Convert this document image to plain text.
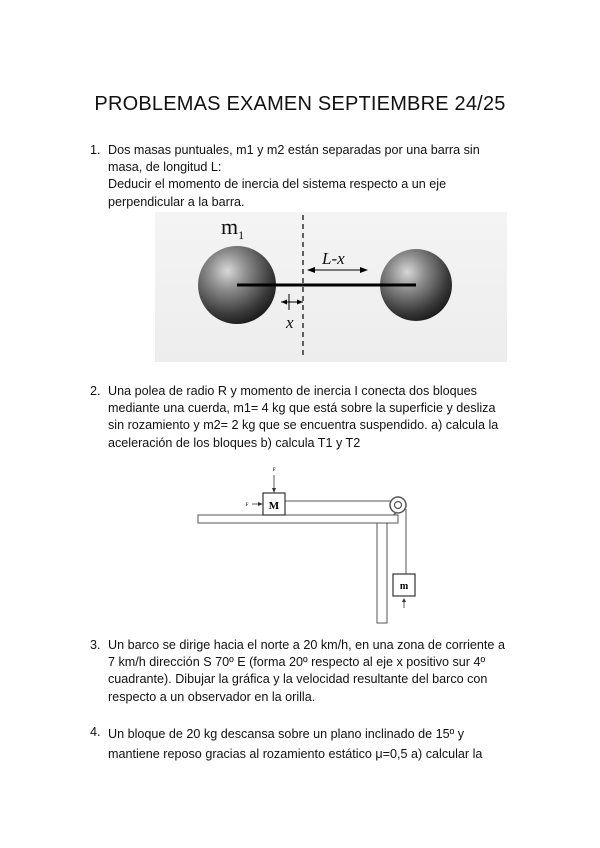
PROBLEMAS EXAMEN SEPTIEMBRE 24/25
1. Dos masas puntuales, m1 y m2 están separadas por una barra sin

masa, de longitud L:

Deducir el momento de inercia del sistema respecto a un eje

perpendicular a la barra.

$m_1$
L-x
x
2. Una polea de radio R y momento de inercia I conecta dos bloques

mediante una cuerda, m1= 4 kg que está sobre la superficie y desliza

sin rozamiento y m2= 2 kg que se encuentra suspendido. a) calcula la

aceleración de los bloques b) calcula T1 y T2

M
F
F
m
3. Un barco se dirige hacia el norte a 20 km/h, en una zona de corriente a

7 km/h dirección S 70º E (forma 20º respecto al eje x positivo sur 4º

cuadrante). Dibujar la gráfica y la velocidad resultante del barco con

respecto a un observador en la orilla.

4. Un bloque de 20 kg descansa sobre un plano inclinado de 15º y

mantiene reposo gracias al rozamiento estático μ=0,5 a) calcular la
